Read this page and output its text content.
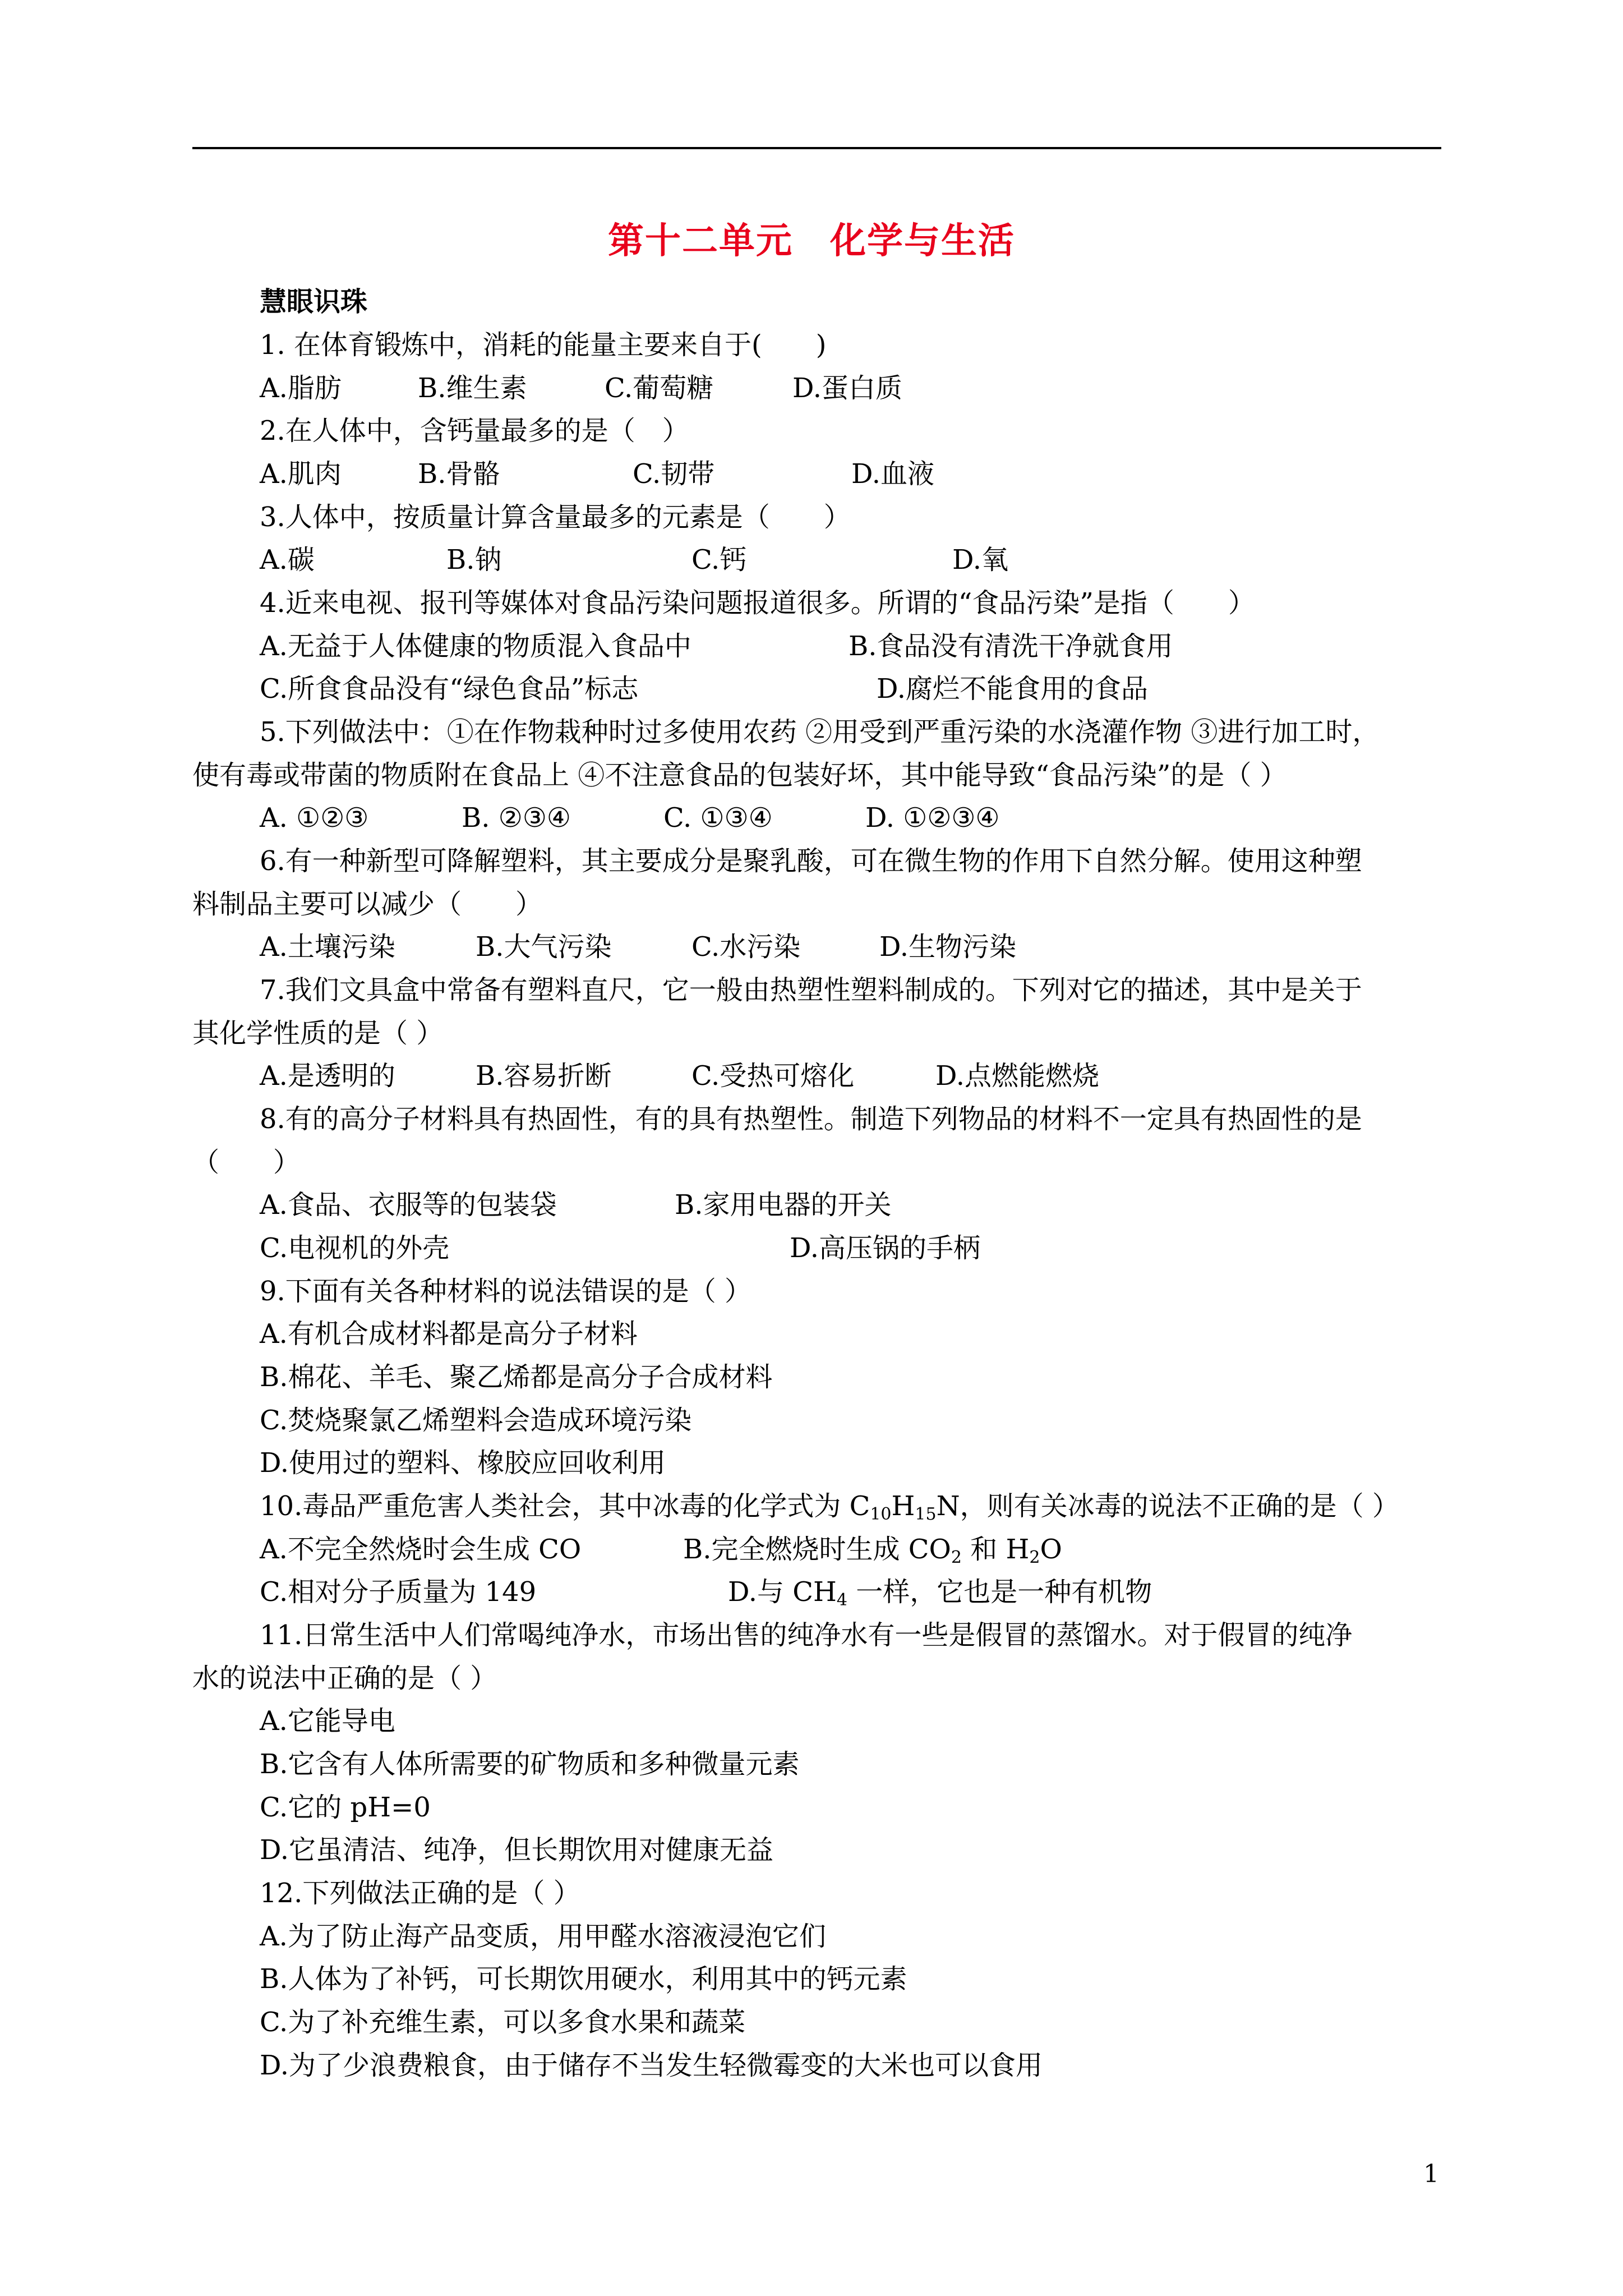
第十二单元　化学与生活
慧眼识珠
1. 在体育锻炼中，消耗的能量主要来自于(　　)
A.脂肪	B.维生素	C.葡萄糖	D.蛋白质
2.在人体中，含钙量最多的是（　）
A.肌肉	B.骨骼	C.韧带	D.血液
3.人体中，按质量计算含量最多的元素是（　　）
A.碳	B.钠	C.钙	D.氧
4.近来电视、报刊等媒体对食品污染问题报道很多。所谓的“食品污染”是指（　　）
A.无益于人体健康的物质混入食品中	B.食品没有清洗干净就食用
C.所食食品没有“绿色食品”标志	D.腐烂不能食用的食品
5.下列做法中：①在作物栽种时过多使用农药 ②用受到严重污染的水浇灌作物 ③进行加工时，
使有毒或带菌的物质附在食品上 ④不注意食品的包装好坏，其中能导致“食品污染”的是（ ）
A. ①②③	B. ②③④	C. ①③④	D. ①②③④
6.有一种新型可降解塑料，其主要成分是聚乳酸，可在微生物的作用下自然分解。使用这种塑
料制品主要可以减少（　　）
A.土壤污染	B.大气污染	C.水污染	D.生物污染
7.我们文具盒中常备有塑料直尺，它一般由热塑性塑料制成的。下列对它的描述，其中是关于
其化学性质的是（ ）
A.是透明的	B.容易折断	C.受热可熔化	D.点燃能燃烧
8.有的高分子材料具有热固性，有的具有热塑性。制造下列物品的材料不一定具有热固性的是
（　　）
A.食品、衣服等的包装袋	B.家用电器的开关
C.电视机的外壳	D.高压锅的手柄
9.下面有关各种材料的说法错误的是（ ）
A.有机合成材料都是高分子材料
B.棉花、羊毛、聚乙烯都是高分子合成材料
C.焚烧聚氯乙烯塑料会造成环境污染
D.使用过的塑料、橡胶应回收利用
10.毒品严重危害人类社会，其中冰毒的化学式为 $C_{10}H_{15}N$，则有关冰毒的说法不正确的是（ ）
A.不完全然烧时会生成 CO	B.完全燃烧时生成 $CO_2$ 和 $H_2O$
C.相对分子质量为 149	D.与 $CH_4$ 一样，它也是一种有机物
11.日常生活中人们常喝纯净水，市场出售的纯净水有一些是假冒的蒸馏水。对于假冒的纯净
水的说法中正确的是（ ）
A.它能导电
B.它含有人体所需要的矿物质和多种微量元素
C.它的 pH=0
D.它虽清洁、纯净，但长期饮用对健康无益
12.下列做法正确的是（ ）
A.为了防止海产品变质，用甲醛水溶液浸泡它们
B.人体为了补钙，可长期饮用硬水，利用其中的钙元素
C.为了补充维生素，可以多食水果和蔬菜
D.为了少浪费粮食，由于储存不当发生轻微霉变的大米也可以食用
1
